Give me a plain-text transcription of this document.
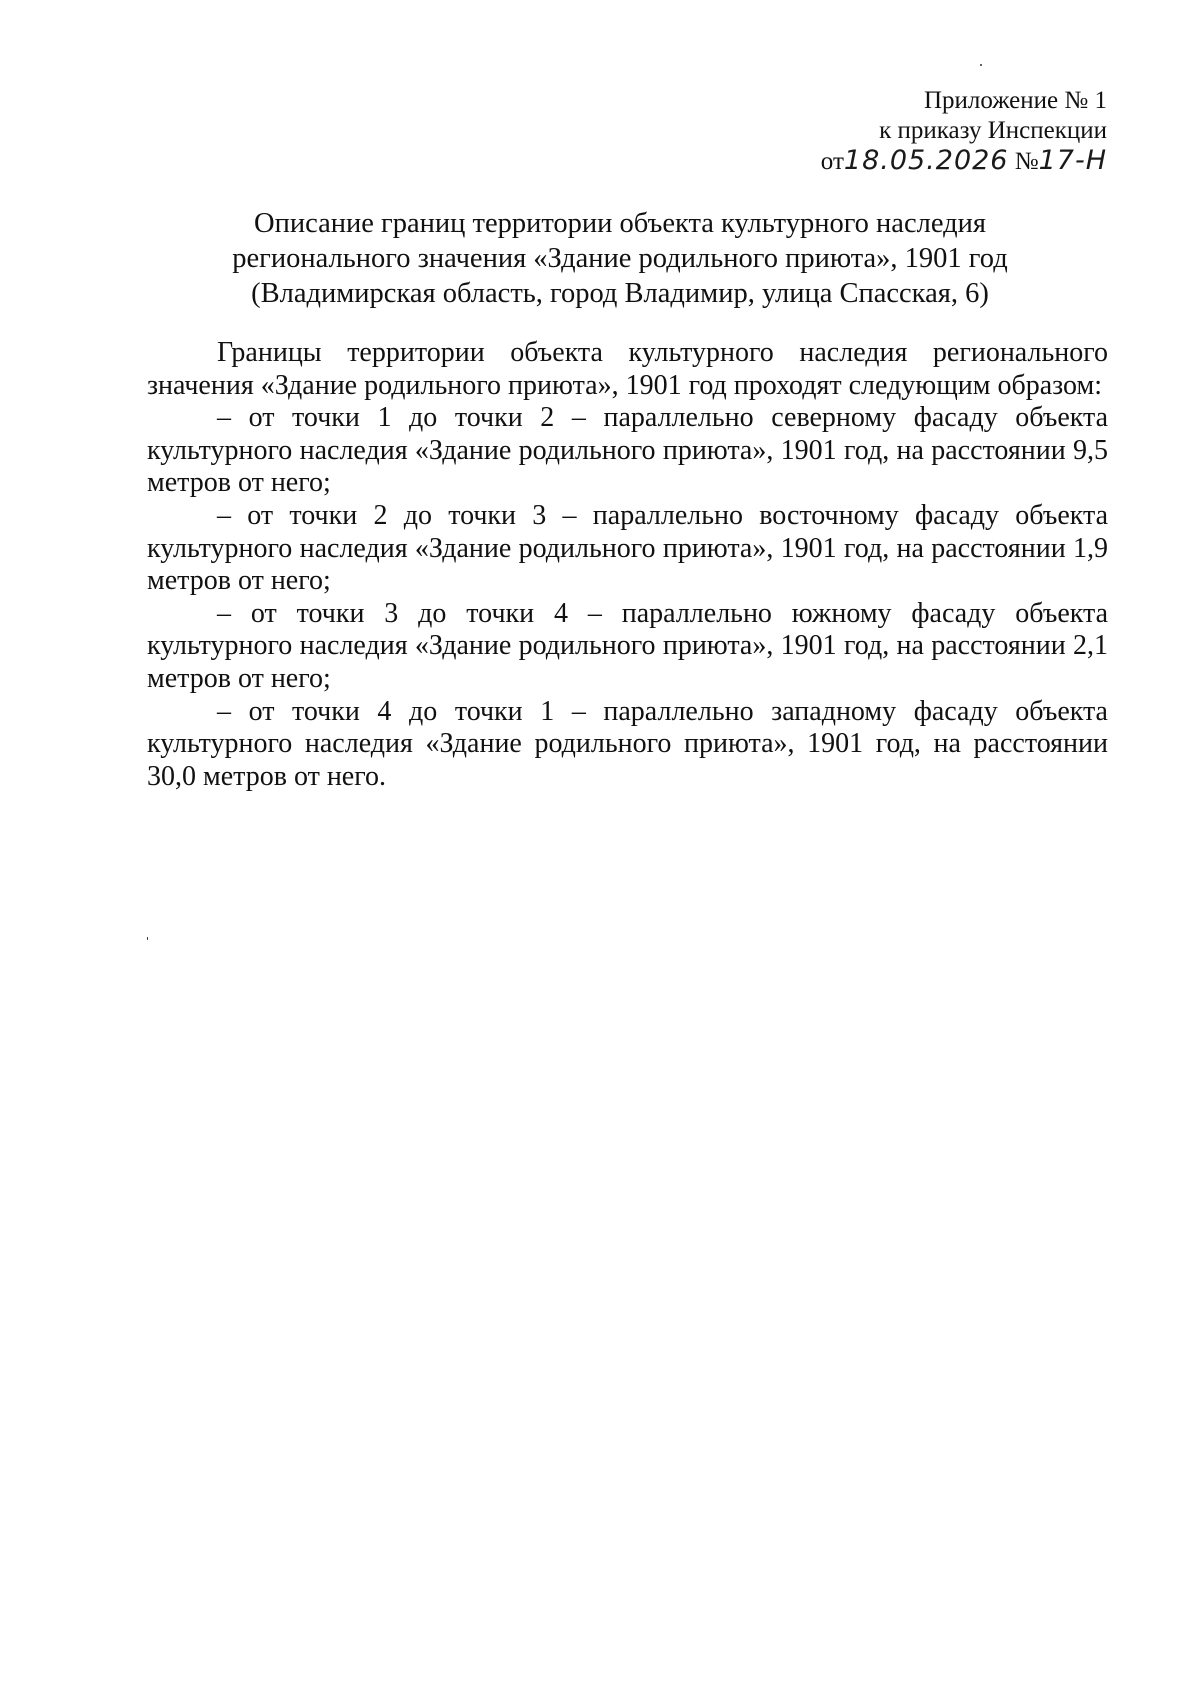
Приложение № 1
к приказу Инспекции
от18.05.2026 №17-Н
Описание границ территории объекта культурного наследия
регионального значения «Здание родильного приюта», 1901 год
(Владимирская область, город Владимир, улица Спасская, 6)

Границы территории объекта культурного наследия регионального значения «Здание родильного приюта», 1901 год проходят следующим образом:

– от точки 1 до точки 2 – параллельно северному фасаду объекта культурного наследия «Здание родильного приюта», 1901 год, на расстоянии 9,5 метров от него;

– от точки 2 до точки 3 – параллельно восточному фасаду объекта культурного наследия «Здание родильного приюта», 1901 год, на расстоянии 1,9 метров от него;

– от точки 3 до точки 4 – параллельно южному фасаду объекта культурного наследия «Здание родильного приюта», 1901 год, на расстоянии 2,1 метров от него;

– от точки 4 до точки 1 – параллельно западному фасаду объекта культурного наследия «Здание родильного приюта», 1901 год, на расстоянии 30,0 метров от него.
